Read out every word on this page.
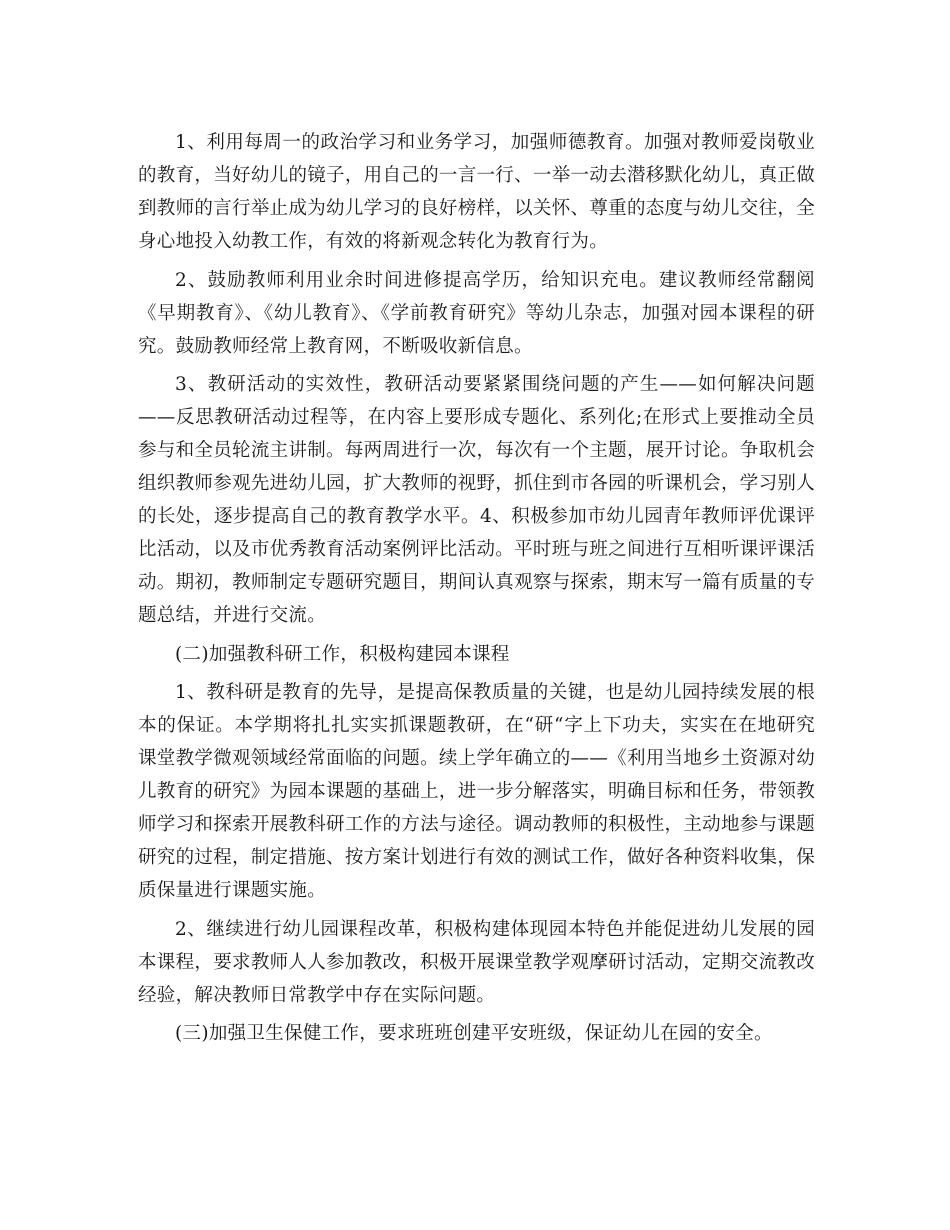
1、利用每周一的政治学习和业务学习，加强师德教育。加强对教师爱岗敬业的教育，当好幼儿的镜子，用自己的一言一行、一举一动去潜移默化幼儿，真正做到教师的言行举止成为幼儿学习的良好榜样，以关怀、尊重的态度与幼儿交往，全身心地投入幼教工作，有效的将新观念转化为教育行为。

2、鼓励教师利用业余时间进修提高学历，给知识充电。建议教师经常翻阅《早期教育》、《幼儿教育》、《学前教育研究》等幼儿杂志，加强对园本课程的研究。鼓励教师经常上教育网，不断吸收新信息。

3、教研活动的实效性，教研活动要紧紧围绕问题的产生——如何解决问题——反思教研活动过程等，在内容上要形成专题化、系列化;在形式上要推动全员参与和全员轮流主讲制。每两周进行一次，每次有一个主题，展开讨论。争取机会组织教师参观先进幼儿园，扩大教师的视野，抓住到市各园的听课机会，学习别人的长处，逐步提高自己的教育教学水平。4、积极参加市幼儿园青年教师评优课评比活动，以及市优秀教育活动案例评比活动。平时班与班之间进行互相听课评课活动。期初，教师制定专题研究题目，期间认真观察与探索，期末写一篇有质量的专题总结，并进行交流。

(二)加强教科研工作，积极构建园本课程

1、教科研是教育的先导，是提高保教质量的关键，也是幼儿园持续发展的根本的保证。本学期将扎扎实实抓课题教研，在“研“字上下功夫，实实在在地研究课堂教学微观领域经常面临的问题。续上学年确立的——《利用当地乡土资源对幼儿教育的研究》为园本课题的基础上，进一步分解落实，明确目标和任务，带领教师学习和探索开展教科研工作的方法与途径。调动教师的积极性，主动地参与课题研究的过程，制定措施、按方案计划进行有效的测试工作，做好各种资料收集，保质保量进行课题实施。

2、继续进行幼儿园课程改革，积极构建体现园本特色并能促进幼儿发展的园本课程，要求教师人人参加教改，积极开展课堂教学观摩研讨活动，定期交流教改经验，解决教师日常教学中存在实际问题。

(三)加强卫生保健工作，要求班班创建平安班级，保证幼儿在园的安全。
